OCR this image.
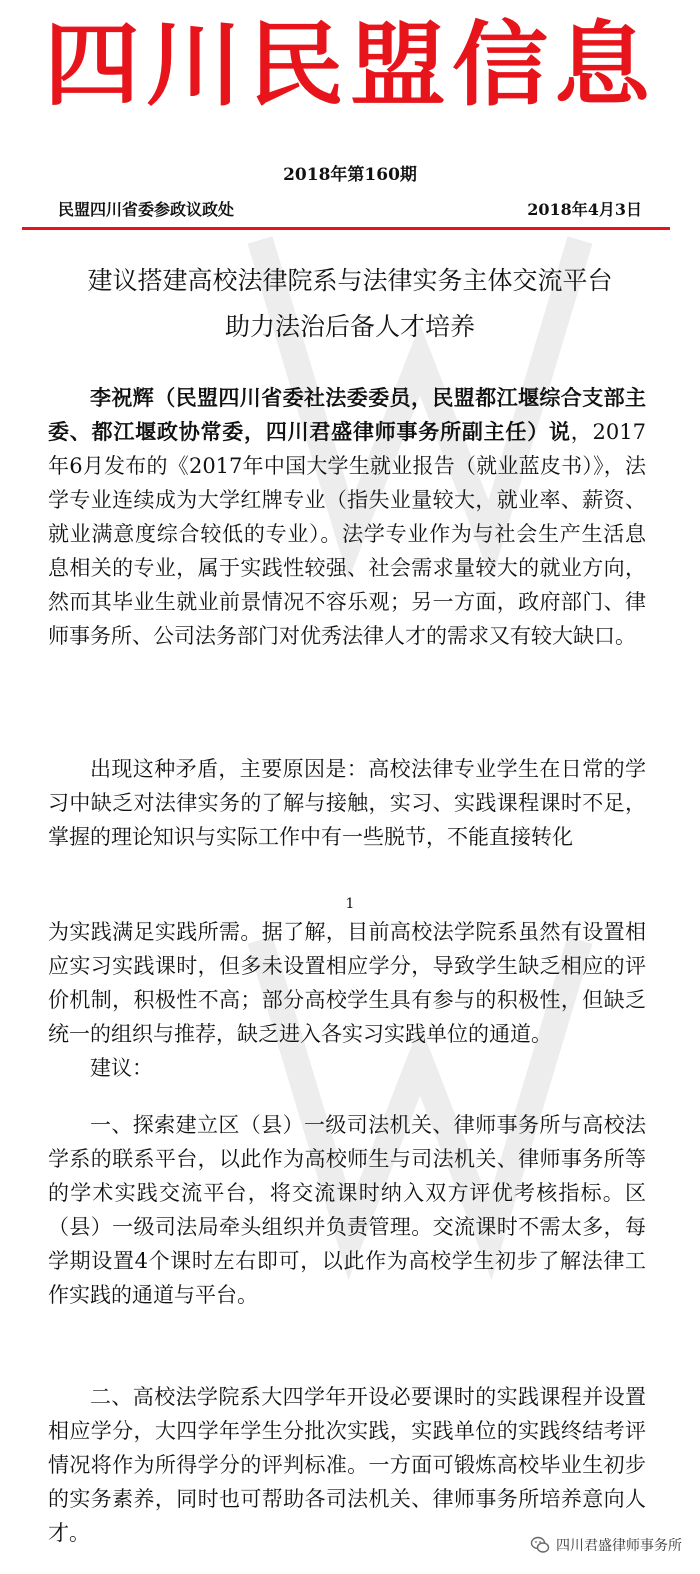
四川民盟信息
2018年第160期
民盟四川省委参政议政处	2018年4月3日
建议搭建高校法律院系与法律实务主体交流平台
助力法治后备人才培养

李祝辉（民盟四川省委社法委委员，民盟都江堰综合支部主委、都江堰政协常委，四川君盛律师事务所副主任）说，2017年6月发布的《2017年中国大学生就业报告（就业蓝皮书）》，法学专业连续成为大学红牌专业（指失业量较大，就业率、薪资、就业满意度综合较低的专业）。法学专业作为与社会生产生活息息相关的专业，属于实践性较强、社会需求量较大的就业方向，然而其毕业生就业前景情况不容乐观；另一方面，政府部门、律师事务所、公司法务部门对优秀法律人才的需求又有较大缺口。

出现这种矛盾，主要原因是：高校法律专业学生在日常的学习中缺乏对法律实务的了解与接触，实习、实践课程课时不足，掌握的理论知识与实际工作中有一些脱节，不能直接转化

1

为实践满足实践所需。据了解，目前高校法学院系虽然有设置相应实习实践课时，但多未设置相应学分，导致学生缺乏相应的评价机制，积极性不高；部分高校学生具有参与的积极性，但缺乏统一的组织与推荐，缺乏进入各实习实践单位的通道。

建议：

一、探索建立区（县）一级司法机关、律师事务所与高校法学系的联系平台，以此作为高校师生与司法机关、律师事务所等的学术实践交流平台，将交流课时纳入双方评优考核指标。区（县）一级司法局牵头组织并负责管理。交流课时不需太多，每学期设置4个课时左右即可，以此作为高校学生初步了解法律工作实践的通道与平台。

二、高校法学院系大四学年开设必要课时的实践课程并设置相应学分，大四学年学生分批次实践，实践单位的实践终结考评情况将作为所得学分的评判标准。一方面可锻炼高校毕业生初步的实务素养，同时也可帮助各司法机关、律师事务所培养意向人才。

四川君盛律师事务所
